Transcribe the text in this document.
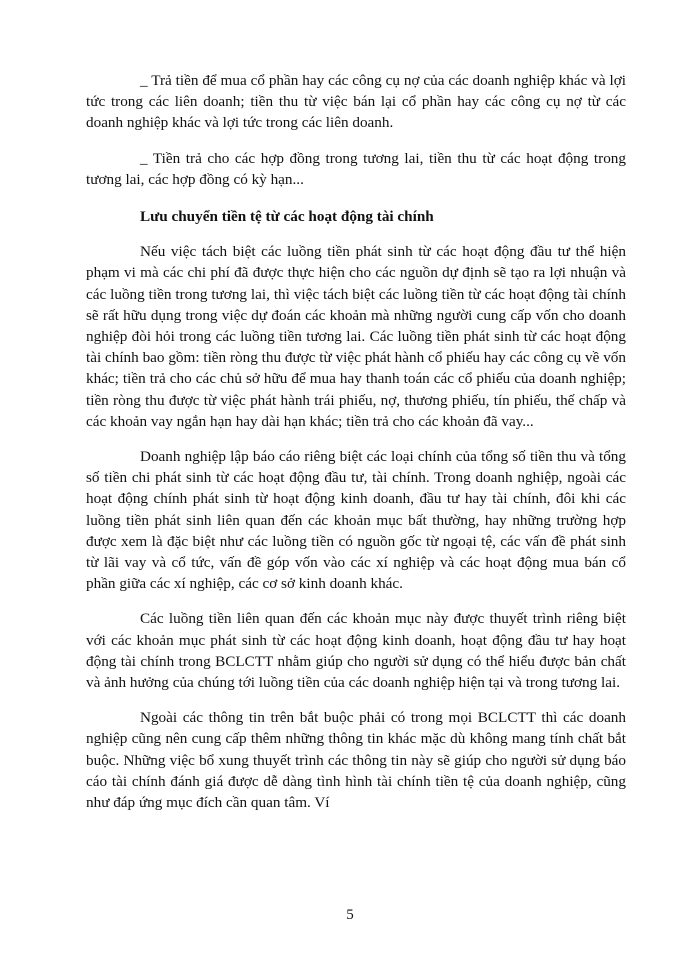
_ Trả tiền để mua cổ phần hay các công cụ nợ của các doanh nghiệp khác và lợi tức trong các liên doanh; tiền thu từ việc bán lại cổ phần hay các công cụ nợ từ các doanh nghiệp khác và lợi tức trong các liên doanh.

_ Tiền trả cho các hợp đồng trong tương lai, tiền thu từ các hoạt động trong tương lai, các hợp đồng có kỳ hạn...

Lưu chuyển tiền tệ từ các hoạt động tài chính

Nếu việc tách biệt các luồng tiền phát sinh từ các hoạt động đầu tư thể hiện phạm vi mà các chi phí đã được thực hiện cho các nguồn dự định sẽ tạo ra lợi nhuận và các luồng tiền trong tương lai, thì việc tách biệt các luồng tiền từ các hoạt động tài chính sẽ rất hữu dụng trong việc dự đoán các khoản mà những người cung cấp vốn cho doanh nghiệp đòi hỏi trong các luồng tiền tương lai. Các luồng tiền phát sinh từ các hoạt động tài chính bao gồm: tiền ròng thu được từ việc phát hành cổ phiếu hay các công cụ về vốn khác; tiền trả cho các chủ sở hữu để mua hay thanh toán các cổ phiếu của doanh nghiệp; tiền ròng thu được từ việc phát hành trái phiếu, nợ, thương phiếu, tín phiếu, thế chấp và các khoản vay ngắn hạn hay dài hạn khác; tiền trả cho các khoản đã vay...

Doanh nghiệp lập báo cáo riêng biệt các loại chính của tổng số tiền thu và tổng số tiền chi phát sinh từ các hoạt động đầu tư, tài chính. Trong doanh nghiệp, ngoài các hoạt động chính phát sinh từ hoạt động kinh doanh, đầu tư hay tài chính, đôi khi các luồng tiền phát sinh liên quan đến các khoản mục bất thường, hay những trường hợp được xem là đặc biệt như các luồng tiền có nguồn gốc từ ngoại tệ, các vấn đề phát sinh từ lãi vay và cổ tức, vấn đề góp vốn vào các xí nghiệp và các hoạt động mua bán cổ phần giữa các xí nghiệp, các cơ sở kinh doanh khác.

Các luồng tiền liên quan đến các khoản mục này được thuyết trình riêng biệt với các khoản mục phát sinh từ các hoạt động kinh doanh, hoạt động đầu tư hay hoạt động tài chính trong BCLCTT nhằm giúp cho người sử dụng có thể hiểu được bản chất và ảnh hưởng của chúng tới luồng tiền của các doanh nghiệp hiện tại và trong tương lai.

Ngoài các thông tin trên bắt buộc phải có trong mọi BCLCTT thì các doanh nghiệp cũng nên cung cấp thêm những thông tin khác mặc dù không mang tính chất bắt buộc. Những việc bổ xung thuyết trình các thông tin này sẽ giúp cho người sử dụng báo cáo tài chính đánh giá được dễ dàng tình hình tài chính tiền tệ của doanh nghiệp, cũng như đáp ứng mục đích cần quan tâm. Ví

5
